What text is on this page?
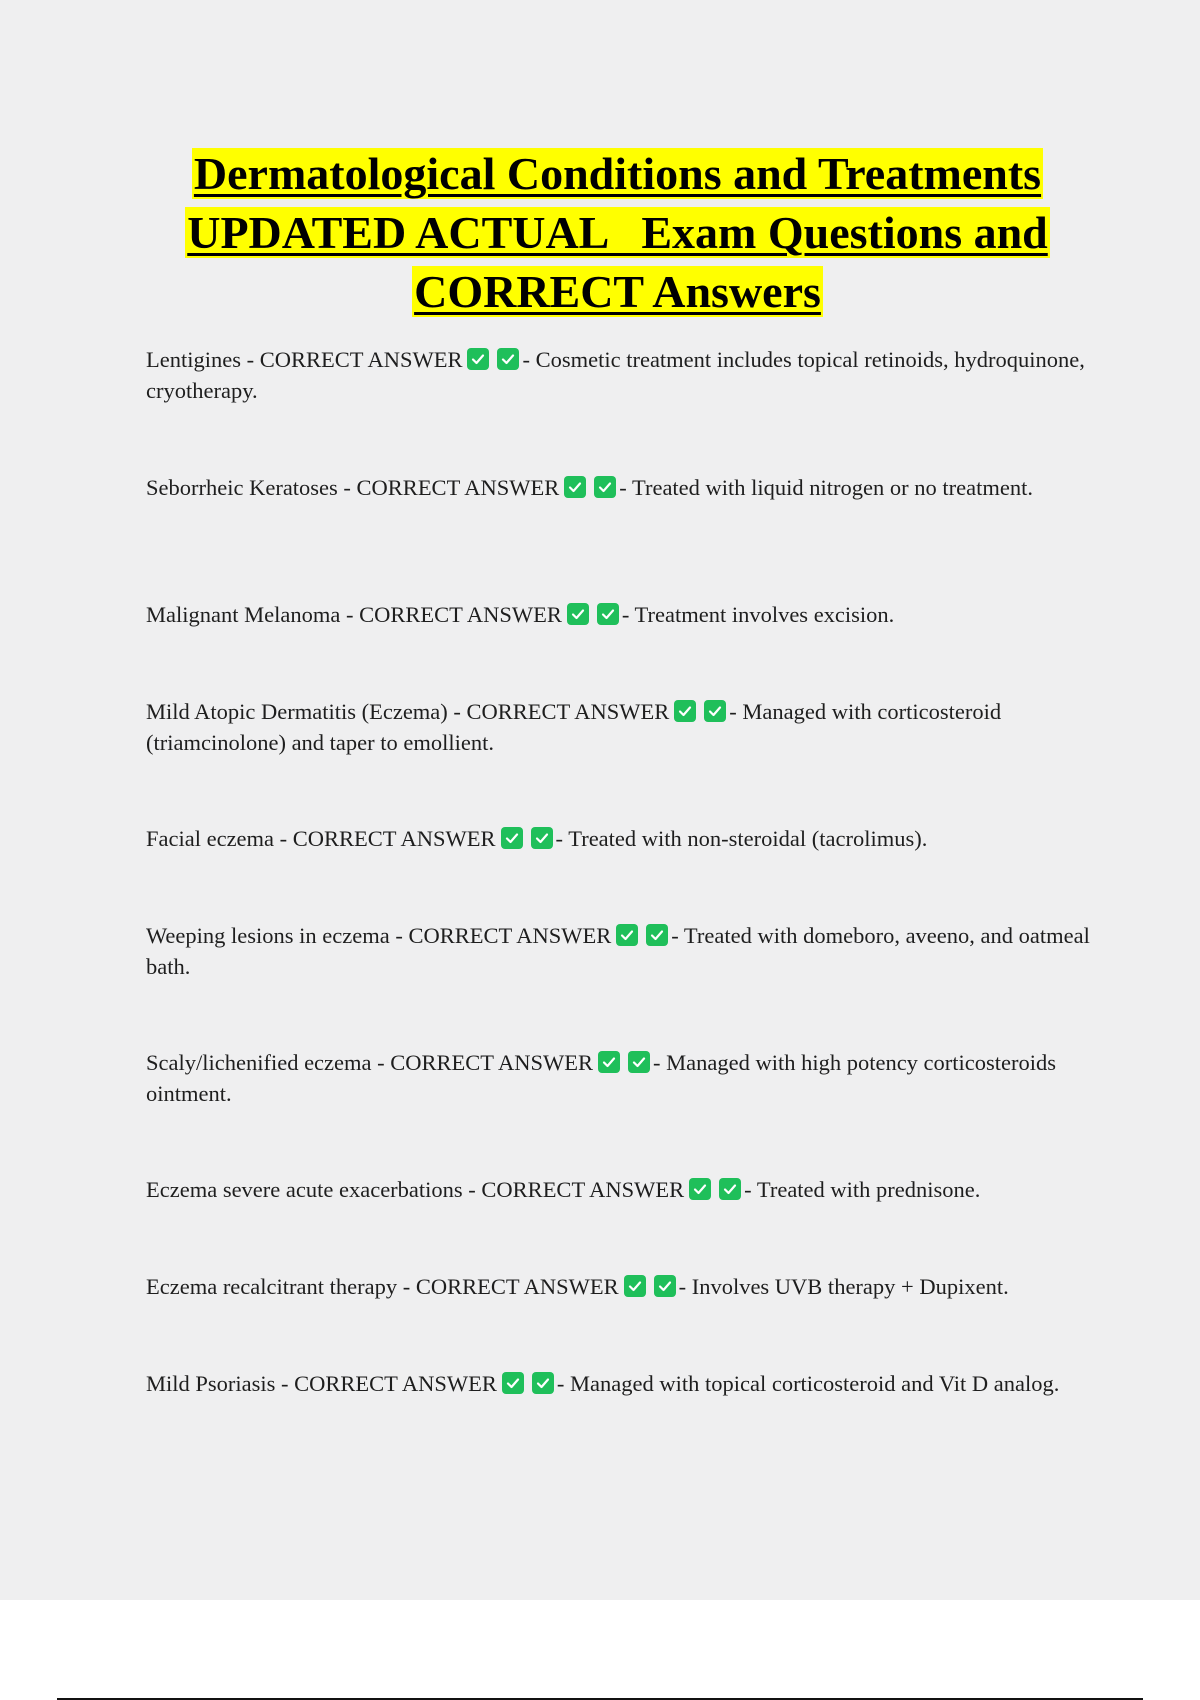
Dermatological Conditions and Treatments
UPDATED ACTUAL   Exam Questions and
CORRECT Answers

Lentigines - CORRECT ANSWER	- Cosmetic treatment includes topical retinoids, hydroquinone, cryotherapy.

Seborrheic Keratoses - CORRECT ANSWER	- Treated with liquid nitrogen or no treatment.

Malignant Melanoma - CORRECT ANSWER	- Treatment involves excision.

Mild Atopic Dermatitis (Eczema) - CORRECT ANSWER	- Managed with corticosteroid (triamcinolone) and taper to emollient.

Facial eczema - CORRECT ANSWER	- Treated with non-steroidal (tacrolimus).

Weeping lesions in eczema - CORRECT ANSWER	- Treated with domeboro, aveeno, and oatmeal bath.

Scaly/lichenified eczema - CORRECT ANSWER	- Managed with high potency corticosteroids ointment.

Eczema severe acute exacerbations - CORRECT ANSWER	- Treated with prednisone.

Eczema recalcitrant therapy - CORRECT ANSWER	- Involves UVB therapy + Dupixent.

Mild Psoriasis - CORRECT ANSWER	- Managed with topical corticosteroid and Vit D analog.
